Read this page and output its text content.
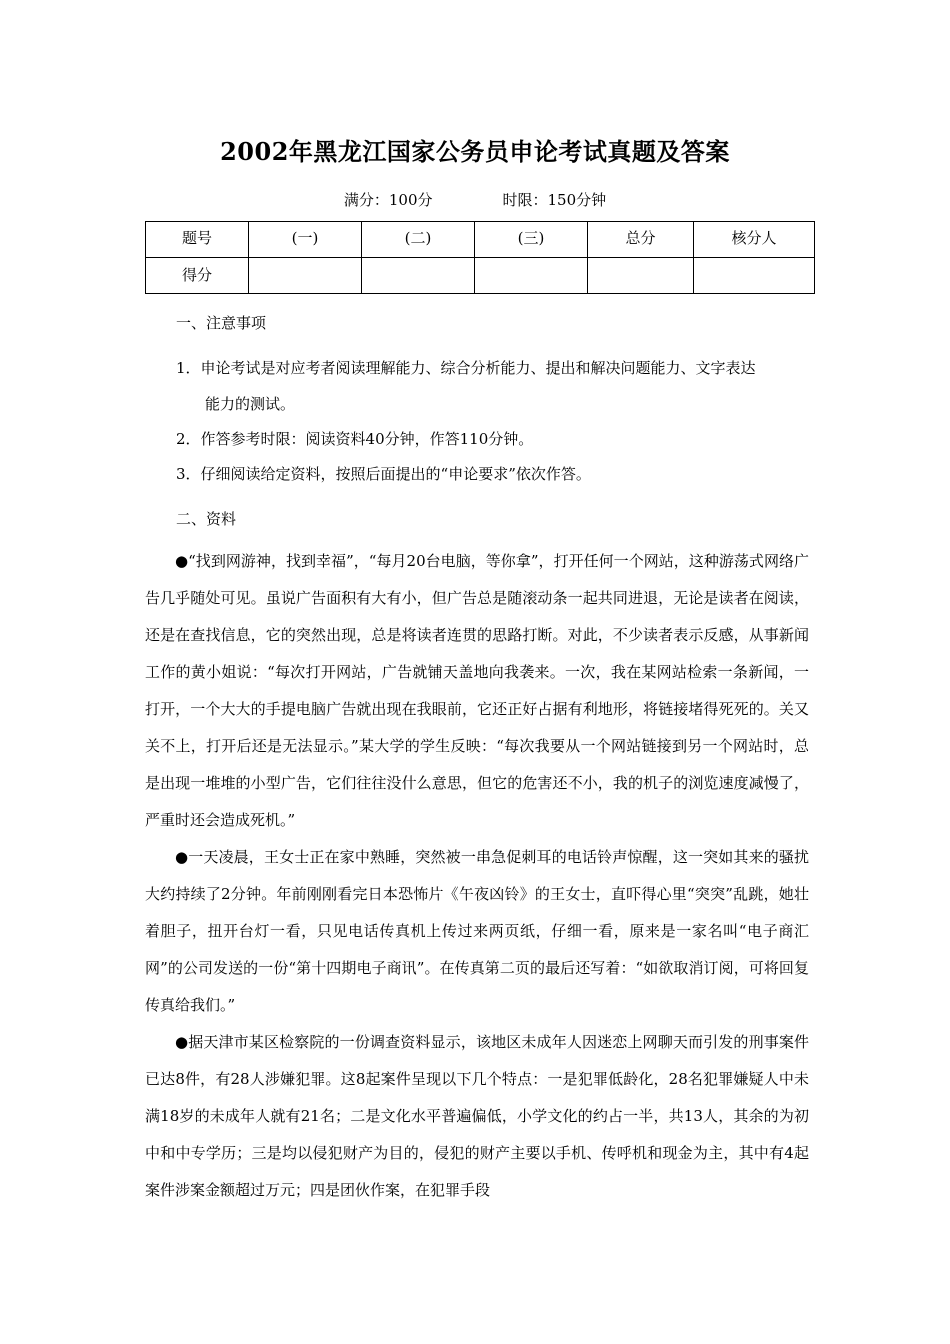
2002年黑龙江国家公务员申论考试真题及答案
满分：100分	时限：150分钟
题号	(一)	(二)	(三)	总分	核分人
得分					
一、注意事项
1．申论考试是对应考者阅读理解能力、综合分析能力、提出和解决问题能力、文字表达
能力的测试。
2．作答参考时限：阅读资料40分钟，作答110分钟。
3．仔细阅读给定资料，按照后面提出的“申论要求”依次作答。
二、资料

●“找到网游神，找到幸福”，“每月20台电脑，等你拿”，打开任何一个网站，这种游荡式网络广告几乎随处可见。虽说广告面积有大有小，但广告总是随滚动条一起共同进退，无论是读者在阅读，还是在查找信息，它的突然出现，总是将读者连贯的思路打断。对此，不少读者表示反感，从事新闻工作的黄小姐说：“每次打开网站，广告就铺天盖地向我袭来。一次，我在某网站检索一条新闻，一打开，一个大大的手提电脑广告就出现在我眼前，它还正好占据有利地形，将链接堵得死死的。关又关不上，打开后还是无法显示。”某大学的学生反映：“每次我要从一个网站链接到另一个网站时，总是出现一堆堆的小型广告，它们往往没什么意思，但它的危害还不小，我的机子的浏览速度减慢了，严重时还会造成死机。”

●一天凌晨，王女士正在家中熟睡，突然被一串急促刺耳的电话铃声惊醒，这一突如其来的骚扰大约持续了2分钟。年前刚刚看完日本恐怖片《午夜凶铃》的王女士，直吓得心里“突突”乱跳，她壮着胆子，扭开台灯一看，只见电话传真机上传过来两页纸，仔细一看，原来是一家名叫“电子商汇网”的公司发送的一份“第十四期电子商讯”。在传真第二页的最后还写着：“如欲取消订阅，可将回复传真给我们。”

●据天津市某区检察院的一份调查资料显示，该地区未成年人因迷恋上网聊天而引发的刑事案件已达8件，有28人涉嫌犯罪。这8起案件呈现以下几个特点：一是犯罪低龄化，28名犯罪嫌疑人中未满18岁的未成年人就有21名；二是文化水平普遍偏低，小学文化的约占一半，共13人，其余的为初中和中专学历；三是均以侵犯财产为目的，侵犯的财产主要以手机、传呼机和现金为主，其中有4起案件涉案金额超过万元；四是团伙作案，在犯罪手段
